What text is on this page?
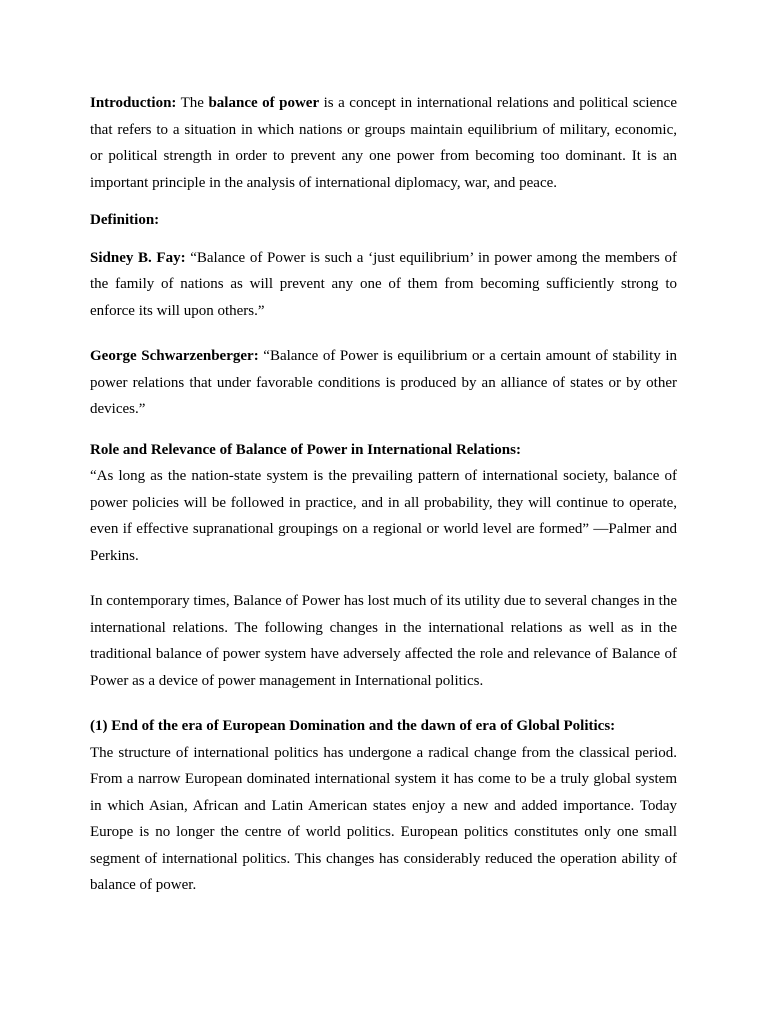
Introduction: The balance of power is a concept in international relations and political science that refers to a situation in which nations or groups maintain equilibrium of military, economic, or political strength in order to prevent any one power from becoming too dominant. It is an important principle in the analysis of international diplomacy, war, and peace.

Definition:

Sidney B. Fay: “Balance of Power is such a ‘just equilibrium’ in power among the members of the family of nations as will prevent any one of them from becoming sufficiently strong to enforce its will upon others.”

George Schwarzenberger: “Balance of Power is equilibrium or a certain amount of stability in power relations that under favorable conditions is produced by an alliance of states or by other devices.”

Role and Relevance of Balance of Power in International Relations:

“As long as the nation-state system is the prevailing pattern of international society, balance of power policies will be followed in practice, and in all probability, they will continue to operate, even if effective supranational groupings on a regional or world level are formed” —Palmer and Perkins.

In contemporary times, Balance of Power has lost much of its utility due to several changes in the international relations. The following changes in the international relations as well as in the traditional balance of power system have adversely affected the role and relevance of Balance of Power as a device of power management in International politics.

(1) End of the era of European Domination and the dawn of era of Global Politics:

The structure of international politics has undergone a radical change from the classical period. From a narrow European dominated international system it has come to be a truly global system in which Asian, African and Latin American states enjoy a new and added importance. Today Europe is no longer the centre of world politics. European politics constitutes only one small segment of international politics. This changes has considerably reduced the operation ability of balance of power.
